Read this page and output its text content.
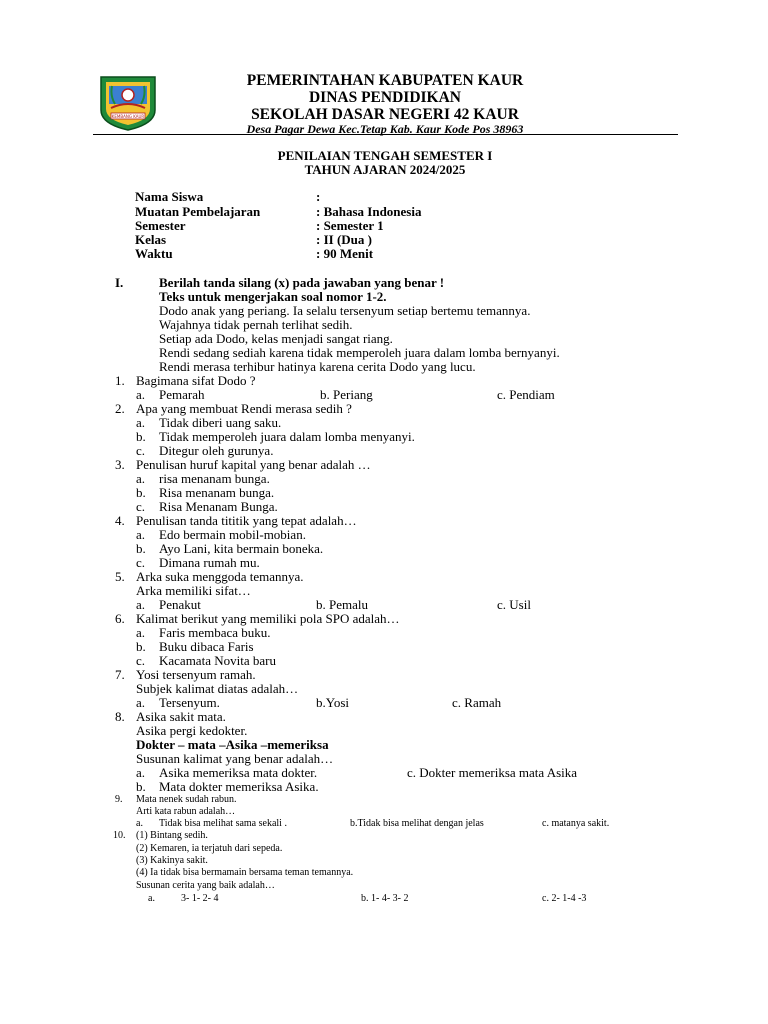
KEMBANG KAUR
PEMERINTAHAN KABUPATEN KAUR
DINAS PENDIDIKAN
SEKOLAH DASAR NEGERI 42 KAUR
Desa Pagar Dewa Kec.Tetap Kab. Kaur Kode Pos 38963
PENILAIAN TENGAH SEMESTER I
TAHUN AJARAN 2024/2025
Nama Siswa	:
Muatan Pembelajaran	: Bahasa Indonesia
Semester	: Semester 1
Kelas	: II (Dua )
Waktu	: 90 Menit
I.	Berilah tanda silang (x) pada jawaban yang benar !
Teks untuk mengerjakan soal nomor 1-2.
Dodo anak yang periang. Ia selalu tersenyum setiap bertemu temannya.
Wajahnya tidak pernah terlihat sedih.
Setiap ada Dodo, kelas menjadi sangat riang.
Rendi sedang sediah karena tidak memperoleh juara dalam lomba bernyanyi.
Rendi merasa terhibur hatinya karena cerita Dodo yang lucu.
1. Bagimana sifat Dodo ?
a. Pemarah	b. Periang	c. Pendiam
2. Apa yang membuat Rendi merasa sedih ?
a. Tidak diberi uang saku.
b. Tidak memperoleh juara dalam lomba menyanyi.
c. Ditegur oleh gurunya.
3. Penulisan huruf kapital yang benar adalah …
a. risa menanam bunga.
b. Risa menanam bunga.
c. Risa Menanam Bunga.
4. Penulisan tanda tititik yang tepat adalah…
a. Edo bermain mobil-mobian.
b. Ayo Lani, kita bermain boneka.
c. Dimana rumah mu.
5. Arka suka menggoda temannya.
Arka memiliki sifat…
a. Penakut	b. Pemalu	c. Usil
6. Kalimat berikut yang memiliki pola SPO adalah…
a. Faris membaca buku.
b. Buku dibaca Faris
c. Kacamata Novita baru
7. Yosi tersenyum ramah.
Subjek kalimat diatas adalah…
a. Tersenyum.	b.Yosi	c. Ramah
8. Asika sakit mata.
Asika pergi kedokter.
Dokter – mata –Asika –memeriksa
Susunan kalimat yang benar adalah…
a. Asika memeriksa mata dokter.	c. Dokter memeriksa mata Asika
b. Mata dokter memeriksa Asika.
9. Mata nenek sudah rabun.
Arti kata rabun adalah…
a. Tidak bisa melihat sama sekali .	b.Tidak bisa melihat dengan jelas	c. matanya sakit.
10. (1) Bintang sedih.
(2) Kemaren, ia terjatuh dari sepeda.
(3) Kakinya sakit.
(4) Ia tidak bisa bermamain bersama teman temannya.
Susunan cerita yang baik adalah…
a.	3- 1- 2- 4	b. 1- 4- 3- 2	c. 2- 1-4 -3
